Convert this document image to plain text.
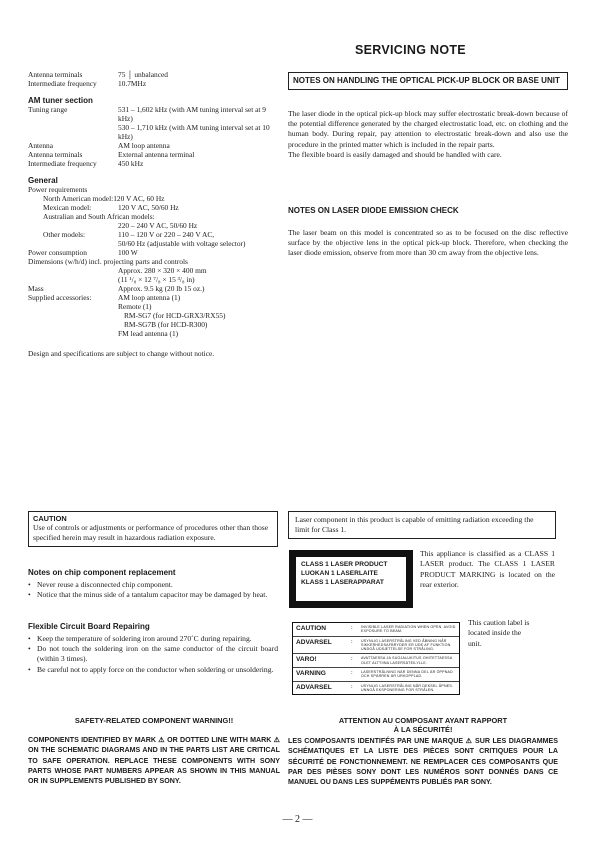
SERVICING NOTE
Antenna terminals	75 │ unbalanced
Intermediate frequency	10.7MHz
AM tuner section
Tuning range	531 – 1,602 kHz (with AM tuning interval set at 9 kHz)
530 – 1,710 kHz (with AM tuning interval set at 10 kHz)
Antenna	AM loop antenna
Antenna terminals	External antenna terminal
Intermediate frequency	450 kHz
General
Power requirements
North American model:120 V AC, 60 Hz
Mexican model:	120 V AC, 50/60 Hz
Australian and South African models:
220 – 240 V AC, 50/60 Hz
Other models:	110 – 120 V or 220 – 240 V AC,
50/60 Hz (adjustable with voltage selector)
Power consumption	100 W
Dimensions (w/h/d) incl. projecting parts and controls
Approx. 280 × 320 × 400 mm
(11 ¹/₈ × 12 ⁷/₈ × 15 ³/₈ in)
Mass	Approx. 9.5 kg (20 lb 15 oz.)
Supplied accessories:	AM loop antenna (1)
Remote (1)
RM-SG7 (for HCD-GRX3/RX55)
RM-SG7B (for HCD-R300)
FM lead antenna (1)
Design and specifications are subject to change without notice.
NOTES ON HANDLING THE OPTICAL PICK-UP BLOCK OR BASE UNIT
The laser diode in the optical pick-up block may suffer electrostatic break-down because of the potential difference generated by the charged electrostatic load, etc. on clothing and the human body. During repair, pay attention to electrostatic break-down and also use the procedure in the printed matter which is included in the repair parts.
The flexible board is easily damaged and should be handled with care.
NOTES ON LASER DIODE EMISSION CHECK
The laser beam on this model is concentrated so as to be focused on the disc reflective surface by the objective lens in the optical pick-up block. Therefore, when checking the laser diode emission, observe from more than 30 cm away from the objective lens.
CAUTION
Use of controls or adjustments or performance of procedures other than those specified herein may result in hazardous radiation exposure.
Notes on chip component replacement
• Never reuse a disconnected chip component.
• Notice that the minus side of a tantalum capacitor may be damaged by heat.
Flexible Circuit Board Repairing
• Keep the temperature of soldering iron around 270˚C during repairing.
• Do not touch the soldering iron on the same conductor of the circuit board (within 3 times).
• Be careful not to apply force on the conductor when soldering or unsoldering.
Laser component in this product is capable of emitting radiation exceeding the limit for Class 1.
CLASS 1 LASER PRODUCT
LUOKAN 1 LASERLAITE
KLASS 1 LASERAPPARAT
This appliance is classified as a CLASS 1 LASER product. The CLASS 1 LASER PRODUCT MARKING is located on the rear exterior.
CAUTION	:	INVISIBLE LASER RADIATION WHEN OPEN. AVOID EXPOSURE TO BEAM.
ADVARSEL	:	USYNLIG LASERSTRÅLING VED ÅBNING NÅR SIKKERHEDSAFBRYDER ER UDE AF FUNKTION. UNDGÅ UDSÆTTELSE FOR STRÅLING.
VARO!	:	AVATTAESSA JA SUOJALUKITUS OHITETTAESSA OLET ALTTIINA LASERSÄTEILYLLE.
VARNING	:	LASERSTRÅLNING NÄR DENNA DEL ÄR ÖPPNAD OCH SPÄRREN ÄR URKOPPLAD.
ADVARSEL	:	USYNLIG LASERSTRÅLING NÅR DEKSEL ÅPNES. UNNGÅ EKSPONERING FOR STRÅLEN.
This caution label is located inside the unit.
SAFETY-RELATED COMPONENT WARNING!!
COMPONENTS IDENTIFIED BY MARK ⚠ OR DOTTED LINE WITH MARK ⚠ ON THE SCHEMATIC DIAGRAMS AND IN THE PARTS LIST ARE CRITICAL TO SAFE OPERATION. REPLACE THESE COMPONENTS WITH SONY PARTS WHOSE PART NUMBERS APPEAR AS SHOWN IN THIS MANUAL OR IN SUPPLEMENTS PUBLISHED BY SONY.
ATTENTION AU COMPOSANT AYANT RAPPORT
À LA SÉCURITÉ!
LES COMPOSANTS IDENTIFÉS PAR UNE MARQUE ⚠ SUR LES DIAGRAMMES SCHÉMATIQUES ET LA LISTE DES PIÈCES SONT CRITIQUES POUR LA SÉCURITÉ DE FONCTIONNEMENT. NE REMPLACER CES COMPOSANTS QUE PAR DES PIÈSES SONY DONT LES NUMÉROS SONT DONNÉS DANS CE MANUEL OU DANS LES SUPPÉMENTS PUBLIÉS PAR SONY.
— 2 —
